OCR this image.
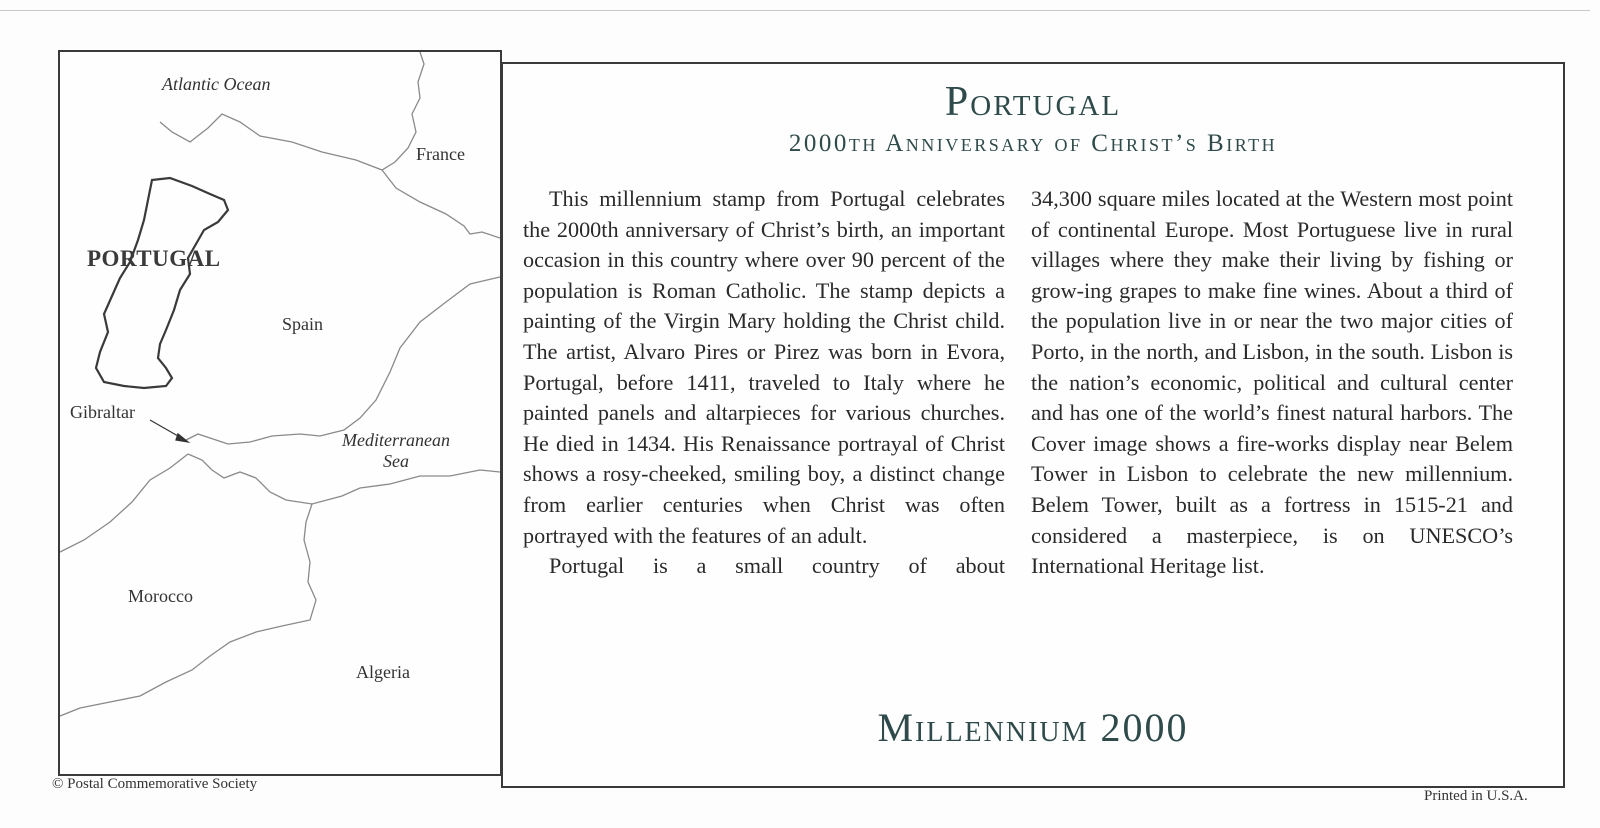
Atlantic Ocean
France
PORTUGAL
Spain
Gibraltar
Mediterranean
Sea
Morocco
Algeria
Portugal
2000th Anniversary of Christ’s Birth

This millennium stamp from Portugal celebrates the 2000th anniversary of Christ’s birth, an important occasion in this country where over 90 percent of the population is Roman Catholic. The stamp depicts a painting of the Virgin Mary holding the Christ child. The artist, Alvaro Pires or Pirez was born in Evora, Portugal, before 1411, traveled to Italy where he painted panels and altarpieces for various churches. He died in 1434. His Renaissance portrayal of Christ shows a rosy-cheeked, smiling boy, a distinct change from earlier centuries when Christ was often portrayed with the features of an adult.

Portugal is a small country of about

34,300 square miles located at the Western most point of continental Europe. Most Portuguese live in rural villages where they make their living by fishing or grow-ing grapes to make fine wines. About a third of the population live in or near the two major cities of Porto, in the north, and Lisbon, in the south. Lisbon is the nation’s economic, political and cultural center and has one of the world’s finest natural harbors. The Cover image shows a fire-works display near Belem Tower in Lisbon to celebrate the new millennium. Belem Tower, built as a fortress in 1515-21 and considered a masterpiece, is on UNESCO’s International Heritage list.

Millennium 2000
© Postal Commemorative Society
Printed in U.S.A.
